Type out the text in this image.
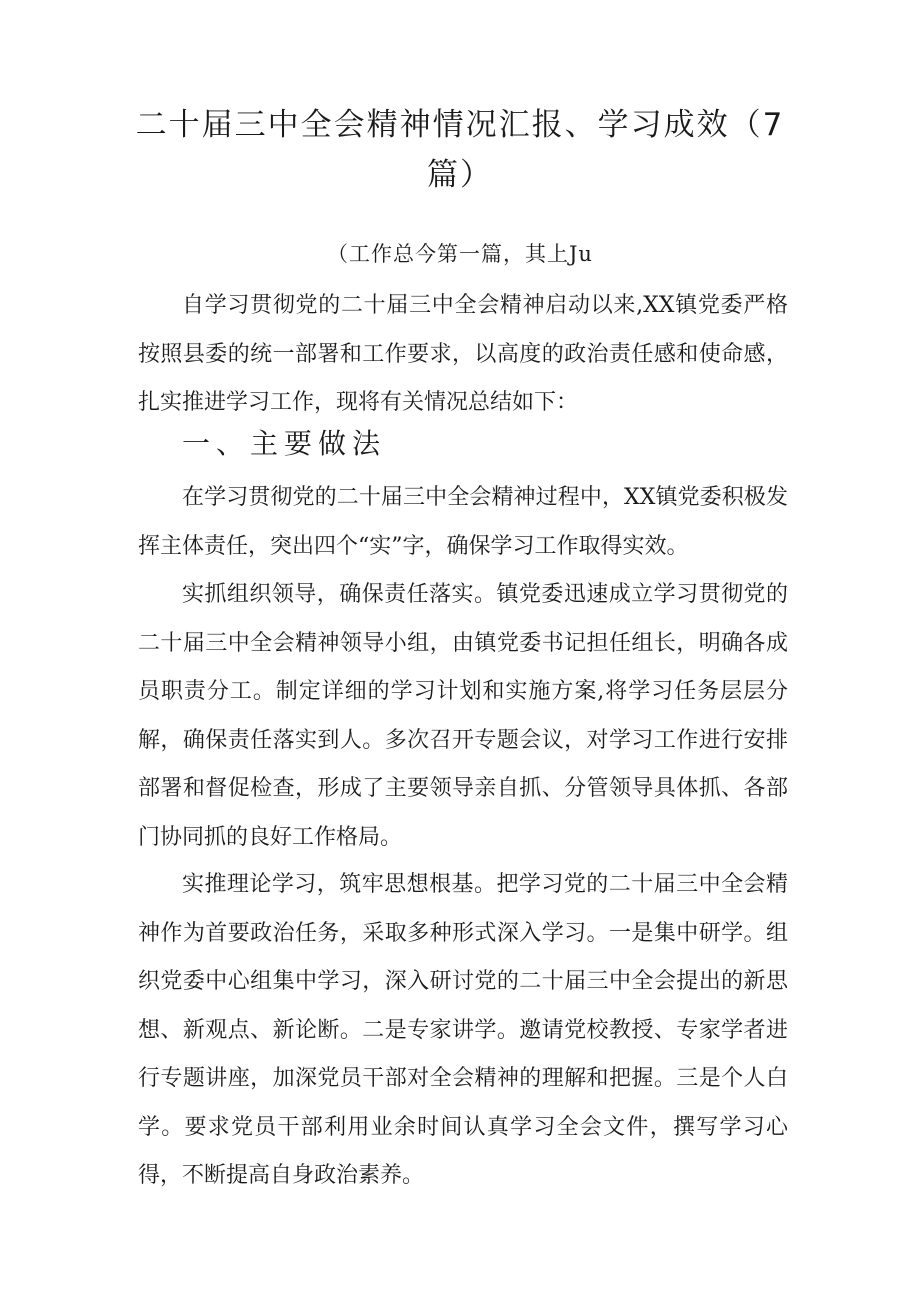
二十届三中全会精神情况汇报、学习成效（7篇）

（工作总今第一篇，其上Ju

自学习贯彻党的二十届三中全会精神启动以来,XX镇党委严格按照县委的统一部署和工作要求，以高度的政治责任感和使命感，扎实推进学习工作，现将有关情况总结如下：

一、主要做法

在学习贯彻党的二十届三中全会精神过程中，XX镇党委积极发挥主体责任，突出四个“实”字，确保学习工作取得实效。

实抓组织领导，确保责任落实。镇党委迅速成立学习贯彻党的二十届三中全会精神领导小组，由镇党委书记担任组长，明确各成员职责分工。制定详细的学习计划和实施方案,将学习任务层层分解，确保责任落实到人。多次召开专题会议，对学习工作进行安排部署和督促检查，形成了主要领导亲自抓、分管领导具体抓、各部门协同抓的良好工作格局。

实推理论学习，筑牢思想根基。把学习党的二十届三中全会精神作为首要政治任务，采取多种形式深入学习。一是集中研学。组织党委中心组集中学习，深入研讨党的二十届三中全会提出的新思想、新观点、新论断。二是专家讲学。邀请党校教授、专家学者进行专题讲座，加深党员干部对全会精神的理解和把握。三是个人白学。要求党员干部利用业余时间认真学习全会文件，撰写学习心得，不断提高自身政治素养。
